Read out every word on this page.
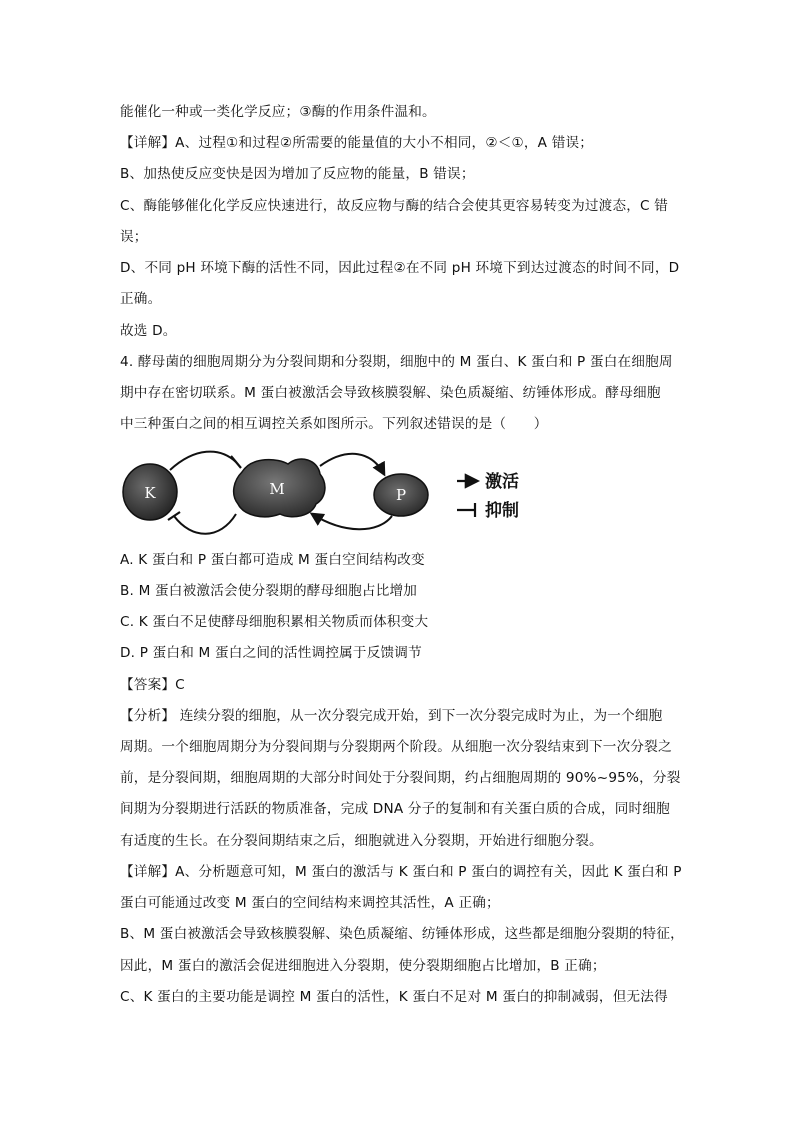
能催化一种或一类化学反应；③酶的作用条件温和。
【详解】A、过程①和过程②所需要的能量值的大小不相同，②＜①，A 错误；
B、加热使反应变快是因为增加了反应物的能量，B 错误；
C、酶能够催化化学反应快速进行，故反应物与酶的结合会使其更容易转变为过渡态，C 错
误；
D、不同 pH 环境下酶的活性不同，因此过程②在不同 pH 环境下到达过渡态的时间不同，D
正确。
故选 D。
4. 酵母菌的细胞周期分为分裂间期和分裂期，细胞中的 M 蛋白、K 蛋白和 P 蛋白在细胞周
期中存在密切联系。M 蛋白被激活会导致核膜裂解、染色质凝缩、纺锤体形成。酵母细胞
中三种蛋白之间的相互调控关系如图所示。下列叙述错误的是（　　）
K	M	P
激活
抑制
A. K 蛋白和 P 蛋白都可造成 M 蛋白空间结构改变
B. M 蛋白被激活会使分裂期的酵母细胞占比增加
C. K 蛋白不足使酵母细胞积累相关物质而体积变大
D. P 蛋白和 M 蛋白之间的活性调控属于反馈调节
【答案】C
【分析】 连续分裂的细胞，从一次分裂完成开始，到下一次分裂完成时为止，为一个细胞
周期。一个细胞周期分为分裂间期与分裂期两个阶段。从细胞一次分裂结束到下一次分裂之
前，是分裂间期，细胞周期的大部分时间处于分裂间期，约占细胞周期的 90%~95%，分裂
间期为分裂期进行活跃的物质准备，完成 DNA 分子的复制和有关蛋白质的合成，同时细胞
有适度的生长。在分裂间期结束之后，细胞就进入分裂期，开始进行细胞分裂。
【详解】A、分析题意可知，M 蛋白的激活与 K 蛋白和 P 蛋白的调控有关，因此 K 蛋白和 P
蛋白可能通过改变 M 蛋白的空间结构来调控其活性，A 正确；
B、M 蛋白被激活会导致核膜裂解、染色质凝缩、纺锤体形成，这些都是细胞分裂期的特征，
因此，M 蛋白的激活会促进细胞进入分裂期，使分裂期细胞占比增加，B 正确；
C、K 蛋白的主要功能是调控 M 蛋白的活性，K 蛋白不足对 M 蛋白的抑制减弱，但无法得
